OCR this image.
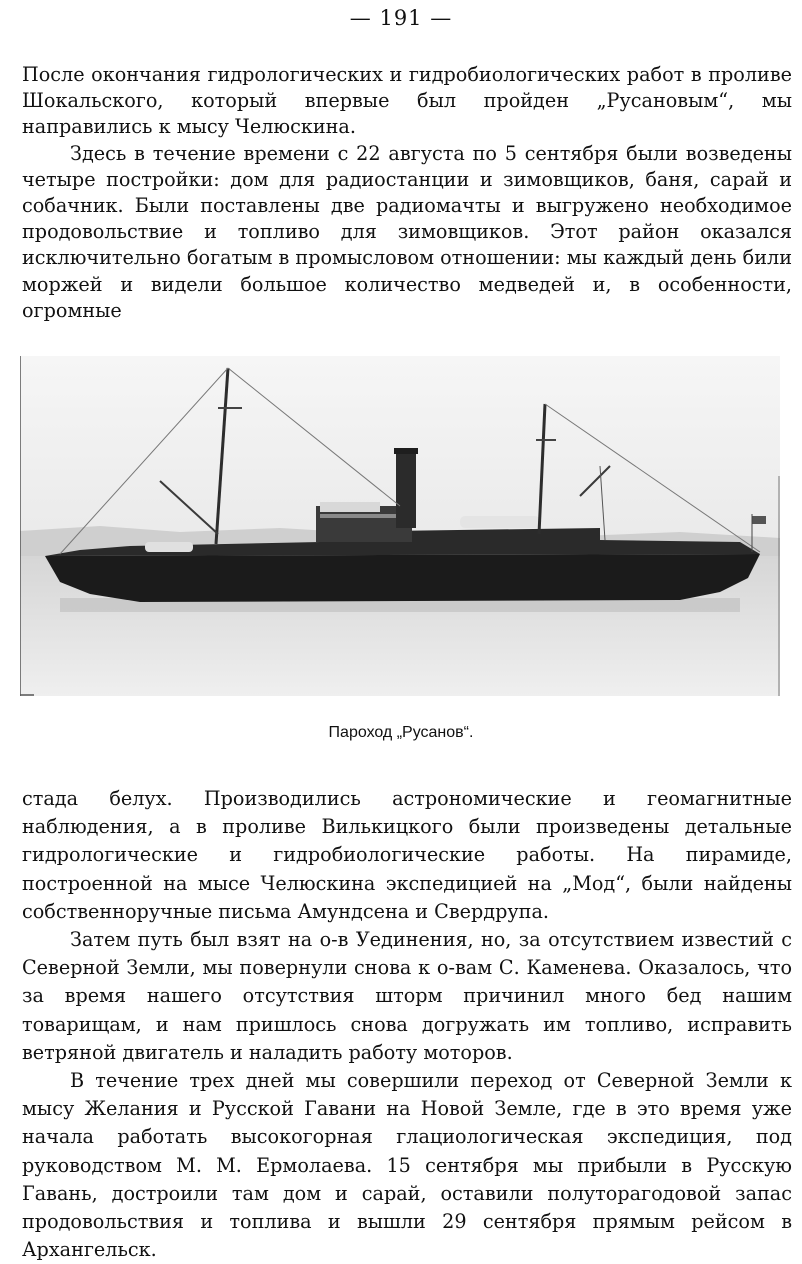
— 191 —

После окончания гидрологических и гидробиологических работ в проливе Шокальского, который впервые был пройден „Русановым“, мы направились к мысу Челюскина.

Здесь в течение времени с 22 августа по 5 сентября были возведены четыре постройки: дом для радиостанции и зимовщиков, баня, сарай и собачник. Были поставлены две радиомачты и выгружено необходимое продовольствие и топливо для зимовщиков. Этот район оказался исключительно богатым в промысловом отношении: мы каждый день били моржей и видели большое количество медведей и, в особенности, огромные

Пароход „Русанов“.

стада белух. Производились астрономические и геомагнитные наблюдения, а в проливе Вилькицкого были произведены детальные гидрологические и гидробиологические работы. На пирамиде, построенной на мысе Челюскина экспедицией на „Мод“, были найдены собственноручные письма Амундсена и Свердрупа.

Затем путь был взят на о-в Уединения, но, за отсутствием известий с Северной Земли, мы повернули снова к о-вам С. Каменева. Оказалось, что за время нашего отсутствия шторм причинил много бед нашим товарищам, и нам пришлось снова догружать им топливо, исправить ветряной двигатель и наладить работу моторов.

В течение трех дней мы совершили переход от Северной Земли к мысу Желания и Русской Гавани на Новой Земле, где в это время уже начала работать высокогорная глациологическая экспедиция, под руководством М. М. Ермолаева. 15 сентября мы прибыли в Русскую Гавань, достроили там дом и сарай, оставили полуторагодовой запас продовольствия и топлива и вышли 29 сентября прямым рейсом в Архангельск.
